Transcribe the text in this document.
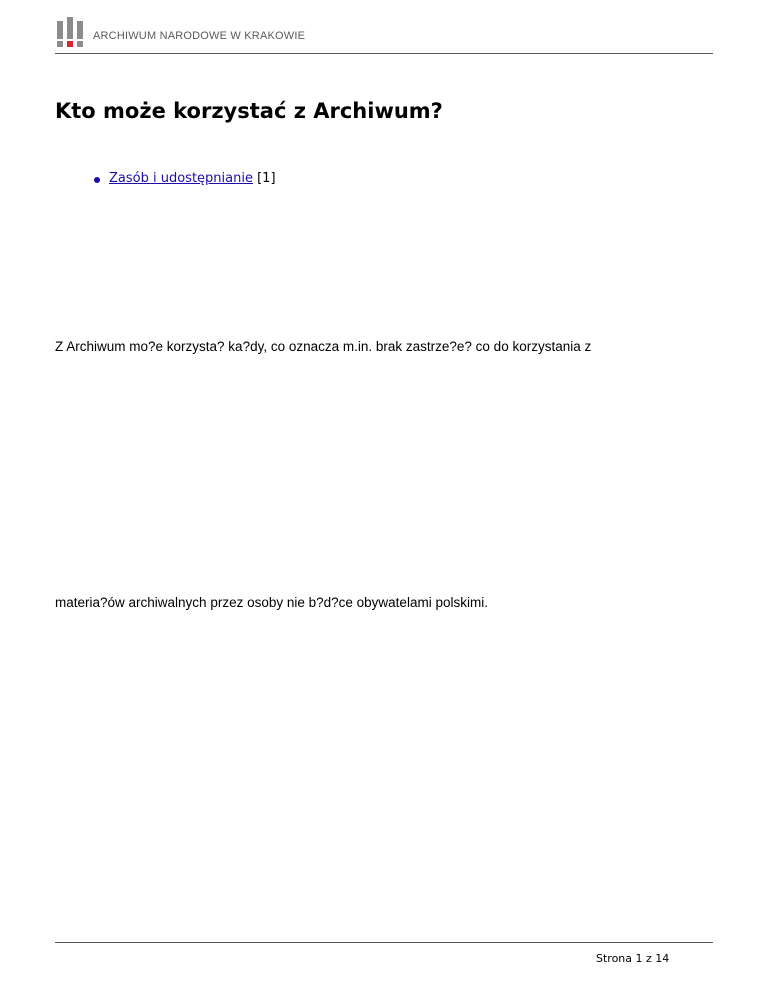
ARCHIWUM NARODOWE W KRAKOWIE
Kto może korzystać z Archiwum?
Zasób i udostępnianie [1]

Z Archiwum mo?e korzysta? ka?dy, co oznacza m.in. brak zastrze?e? co do korzystania z

materia?ów archiwalnych przez osoby nie b?d?ce obywatelami polskimi.

Strona 1 z 14
